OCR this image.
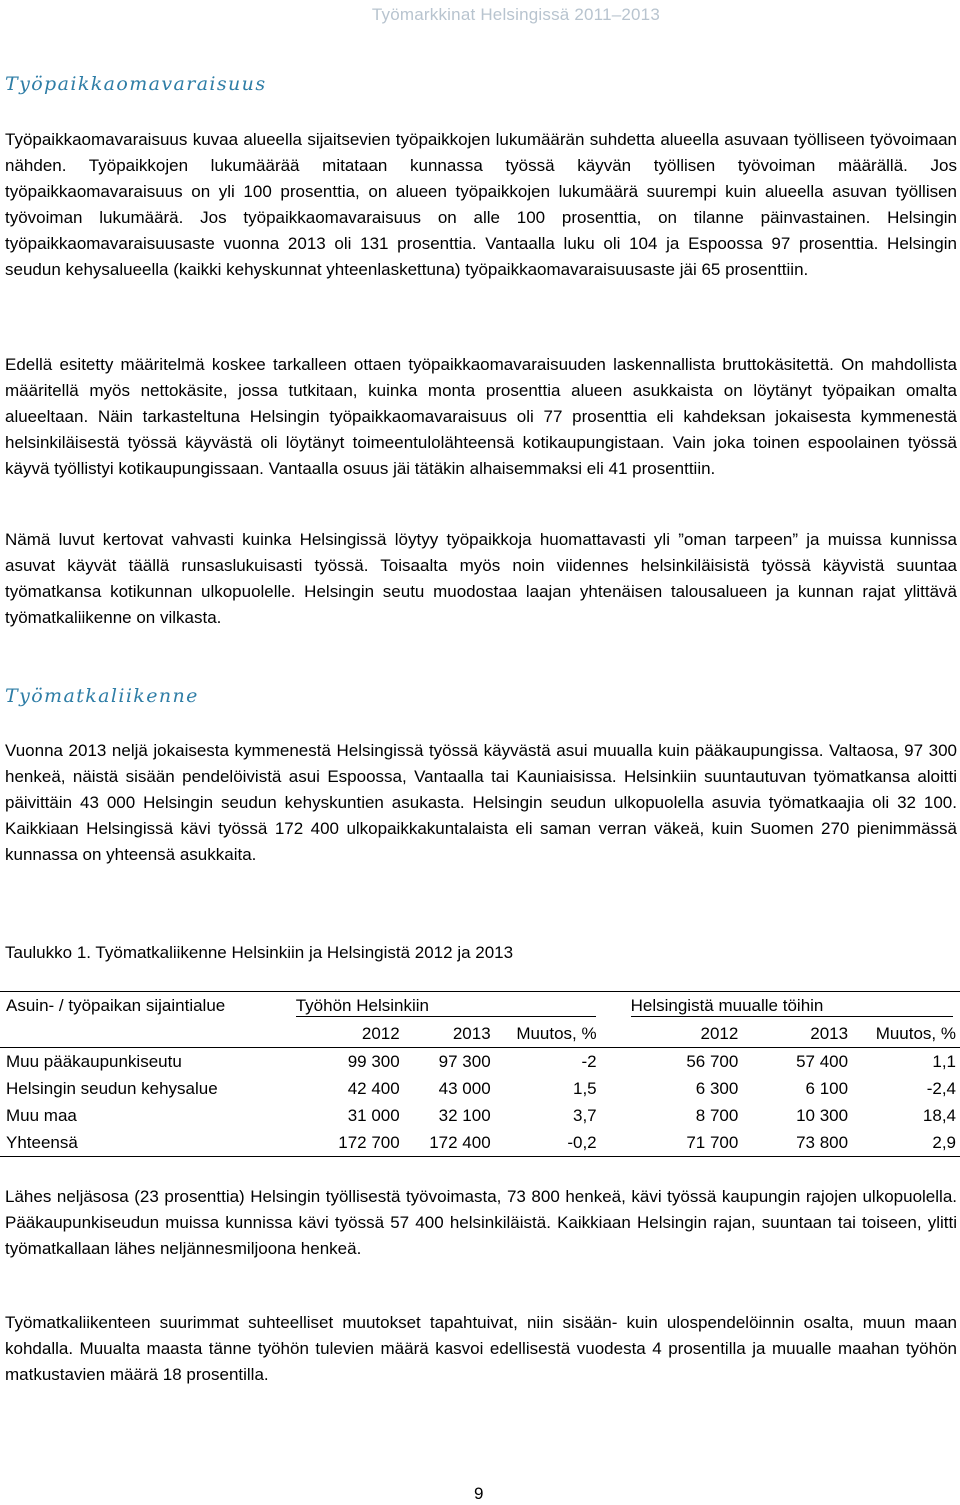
Työmarkkinat Helsingissä 2011–2013
Työpaikkaomavaraisuus

Työpaikkaomavaraisuus kuvaa alueella sijaitsevien työpaikkojen lukumäärän suhdetta alueella asuvaan työlliseen työvoimaan nähden. Työpaikkojen lukumäärää mitataan kunnassa työssä käyvän työllisen työvoiman määrällä. Jos työpaikkaomavaraisuus on yli 100 prosenttia, on alueen työpaikkojen lukumäärä suurempi kuin alueella asuvan työllisen työvoiman lukumäärä. Jos työpaikkaomavaraisuus on alle 100 prosenttia, on tilanne päinvastainen. Helsingin työpaikkaomavaraisuusaste vuonna 2013 oli 131 prosenttia. Vantaalla luku oli 104 ja Espoossa 97 prosenttia. Helsingin seudun kehysalueella (kaikki kehyskunnat yhteenlaskettuna) työpaikkaomavaraisuusaste jäi 65 prosenttiin.

Edellä esitetty määritelmä koskee tarkalleen ottaen työpaikkaomavaraisuuden laskennallista bruttokäsitettä. On mahdollista määritellä myös nettokäsite, jossa tutkitaan, kuinka monta prosenttia alueen asukkaista on löytänyt työpaikan omalta alueeltaan. Näin tarkasteltuna Helsingin työpaikkaomavaraisuus oli 77 prosenttia eli kahdeksan jokaisesta kymmenestä helsinkiläisestä työssä käyvästä oli löytänyt toimeentulolähteensä kotikaupungistaan. Vain joka toinen espoolainen työssä käyvä työllistyi kotikaupungissaan. Vantaalla osuus jäi tätäkin alhaisemmaksi eli 41 prosenttiin.

Nämä luvut kertovat vahvasti kuinka Helsingissä löytyy työpaikkoja huomattavasti yli ”oman tarpeen” ja muissa kunnissa asuvat käyvät täällä runsaslukuisasti työssä. Toisaalta myös noin viidennes helsinkiläisistä työssä käyvistä suuntaa työmatkansa kotikunnan ulkopuolelle. Helsingin seutu muodostaa laajan yhtenäisen talousalueen ja kunnan rajat ylittävä työmatkaliikenne on vilkasta.

Työmatkaliikenne

Vuonna 2013 neljä jokaisesta kymmenestä Helsingissä työssä käyvästä asui muualla kuin pääkaupungissa. Valtaosa, 97 300 henkeä, näistä sisään pendelöivistä asui Espoossa, Vantaalla tai Kauniaisissa. Helsinkiin suuntautuvan työmatkansa aloitti päivittäin 43 000 Helsingin seudun kehyskuntien asukasta. Helsingin seudun ulkopuolella asuvia työmatkaajia oli 32 100. Kaikkiaan Helsingissä kävi työssä 172 400 ulkopaikkakuntalaista eli saman verran väkeä, kuin Suomen 270 pienimmässä kunnassa on yhteensä asukkaita.

Taulukko 1. Työmatkaliikenne Helsinkiin ja Helsingistä 2012 ja 2013

Asuin- / työpaikan sijaintialue	Työhön Helsinkiin				Helsingistä muualle töihin		
	2012	2013	Muutos, %		2012	2013	Muutos, %
Muu pääkaupunkiseutu	99 300	97 300	-2		56 700	57 400	1,1
Helsingin seudun kehysalue	42 400	43 000	1,5		6 300	6 100	-2,4
Muu maa	31 000	32 100	3,7		8 700	10 300	18,4
Yhteensä	172 700	172 400	-0,2		71 700	73 800	2,9

Lähes neljäsosa (23 prosenttia) Helsingin työllisestä työvoimasta, 73 800 henkeä, kävi työssä kaupungin rajojen ulkopuolella. Pääkaupunkiseudun muissa kunnissa kävi työssä 57 400 helsinkiläistä. Kaikkiaan Helsingin rajan, suuntaan tai toiseen, ylitti työmatkallaan lähes neljännesmiljoona henkeä.

Työmatkaliikenteen suurimmat suhteelliset muutokset tapahtuivat, niin sisään- kuin ulospendelöinnin osalta, muun maan kohdalla. Muualta maasta tänne työhön tulevien määrä kasvoi edellisestä vuodesta 4 prosentilla ja muualle maahan työhön matkustavien määrä 18 prosentilla.

9
